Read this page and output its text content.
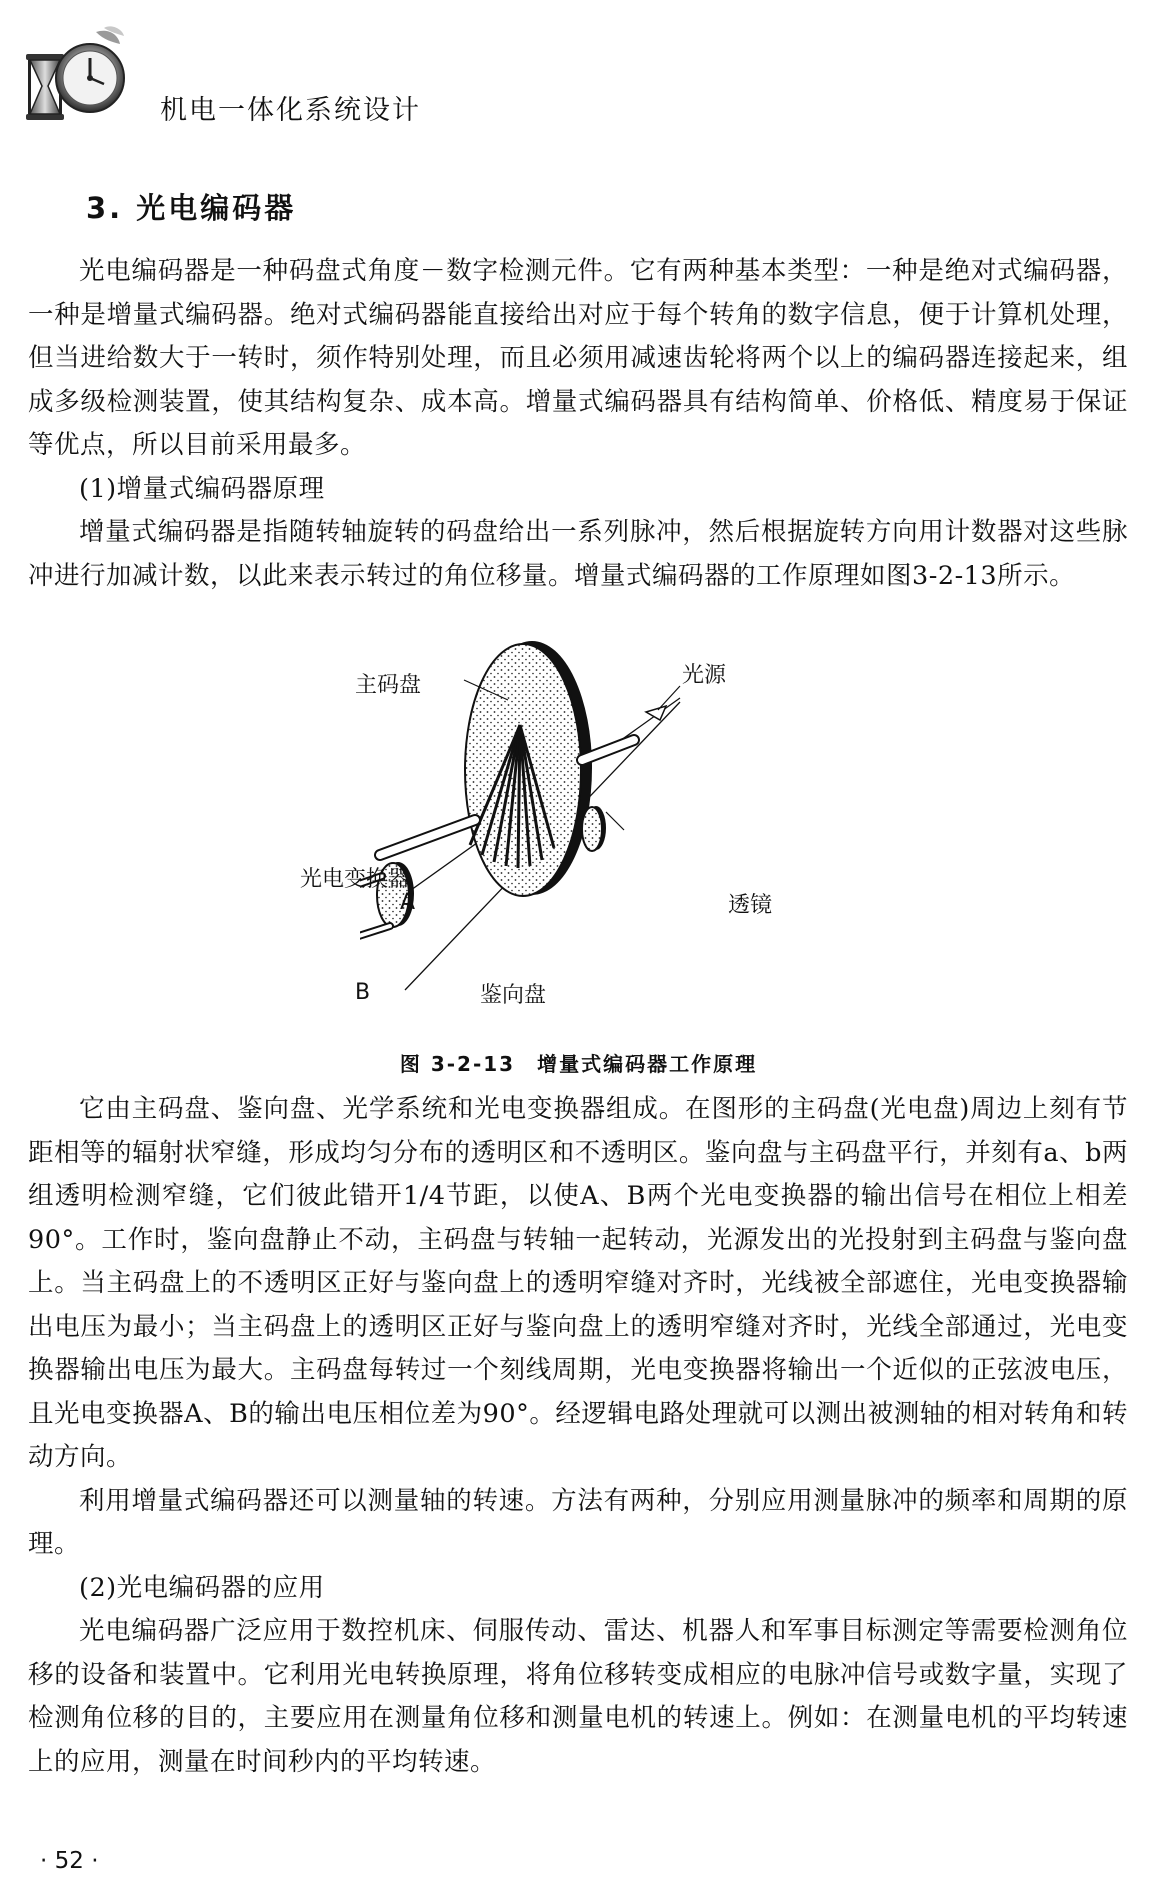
机电一体化系统设计
3. 光电编码器

光电编码器是一种码盘式角度－数字检测元件。它有两种基本类型：一种是绝对式编码器，一种是增量式编码器。绝对式编码器能直接给出对应于每个转角的数字信息，便于计算机处理，但当进给数大于一转时，须作特别处理，而且必须用减速齿轮将两个以上的编码器连接起来，组成多级检测装置，使其结构复杂、成本高。增量式编码器具有结构简单、价格低、精度易于保证等优点，所以目前采用最多。

(1)增量式编码器原理

增量式编码器是指随转轴旋转的码盘给出一系列脉冲，然后根据旋转方向用计数器对这些脉冲进行加减计数，以此来表示转过的角位移量。增量式编码器的工作原理如图3-2-13所示。

主码盘	光源
光电变换器
A	透镜
B	鉴向盘
图 3-2-13　增量式编码器工作原理

它由主码盘、鉴向盘、光学系统和光电变换器组成。在图形的主码盘(光电盘)周边上刻有节距相等的辐射状窄缝，形成均匀分布的透明区和不透明区。鉴向盘与主码盘平行，并刻有a、b两组透明检测窄缝，它们彼此错开1/4节距，以使A、B两个光电变换器的输出信号在相位上相差90°。工作时，鉴向盘静止不动，主码盘与转轴一起转动，光源发出的光投射到主码盘与鉴向盘上。当主码盘上的不透明区正好与鉴向盘上的透明窄缝对齐时，光线被全部遮住，光电变换器输出电压为最小；当主码盘上的透明区正好与鉴向盘上的透明窄缝对齐时，光线全部通过，光电变换器输出电压为最大。主码盘每转过一个刻线周期，光电变换器将输出一个近似的正弦波电压，且光电变换器A、B的输出电压相位差为90°。经逻辑电路处理就可以测出被测轴的相对转角和转动方向。

利用增量式编码器还可以测量轴的转速。方法有两种，分别应用测量脉冲的频率和周期的原理。

(2)光电编码器的应用

光电编码器广泛应用于数控机床、伺服传动、雷达、机器人和军事目标测定等需要检测角位移的设备和装置中。它利用光电转换原理，将角位移转变成相应的电脉冲信号或数字量，实现了检测角位移的目的，主要应用在测量角位移和测量电机的转速上。例如：在测量电机的平均转速上的应用，测量在时间秒内的平均转速。

· 52 ·
